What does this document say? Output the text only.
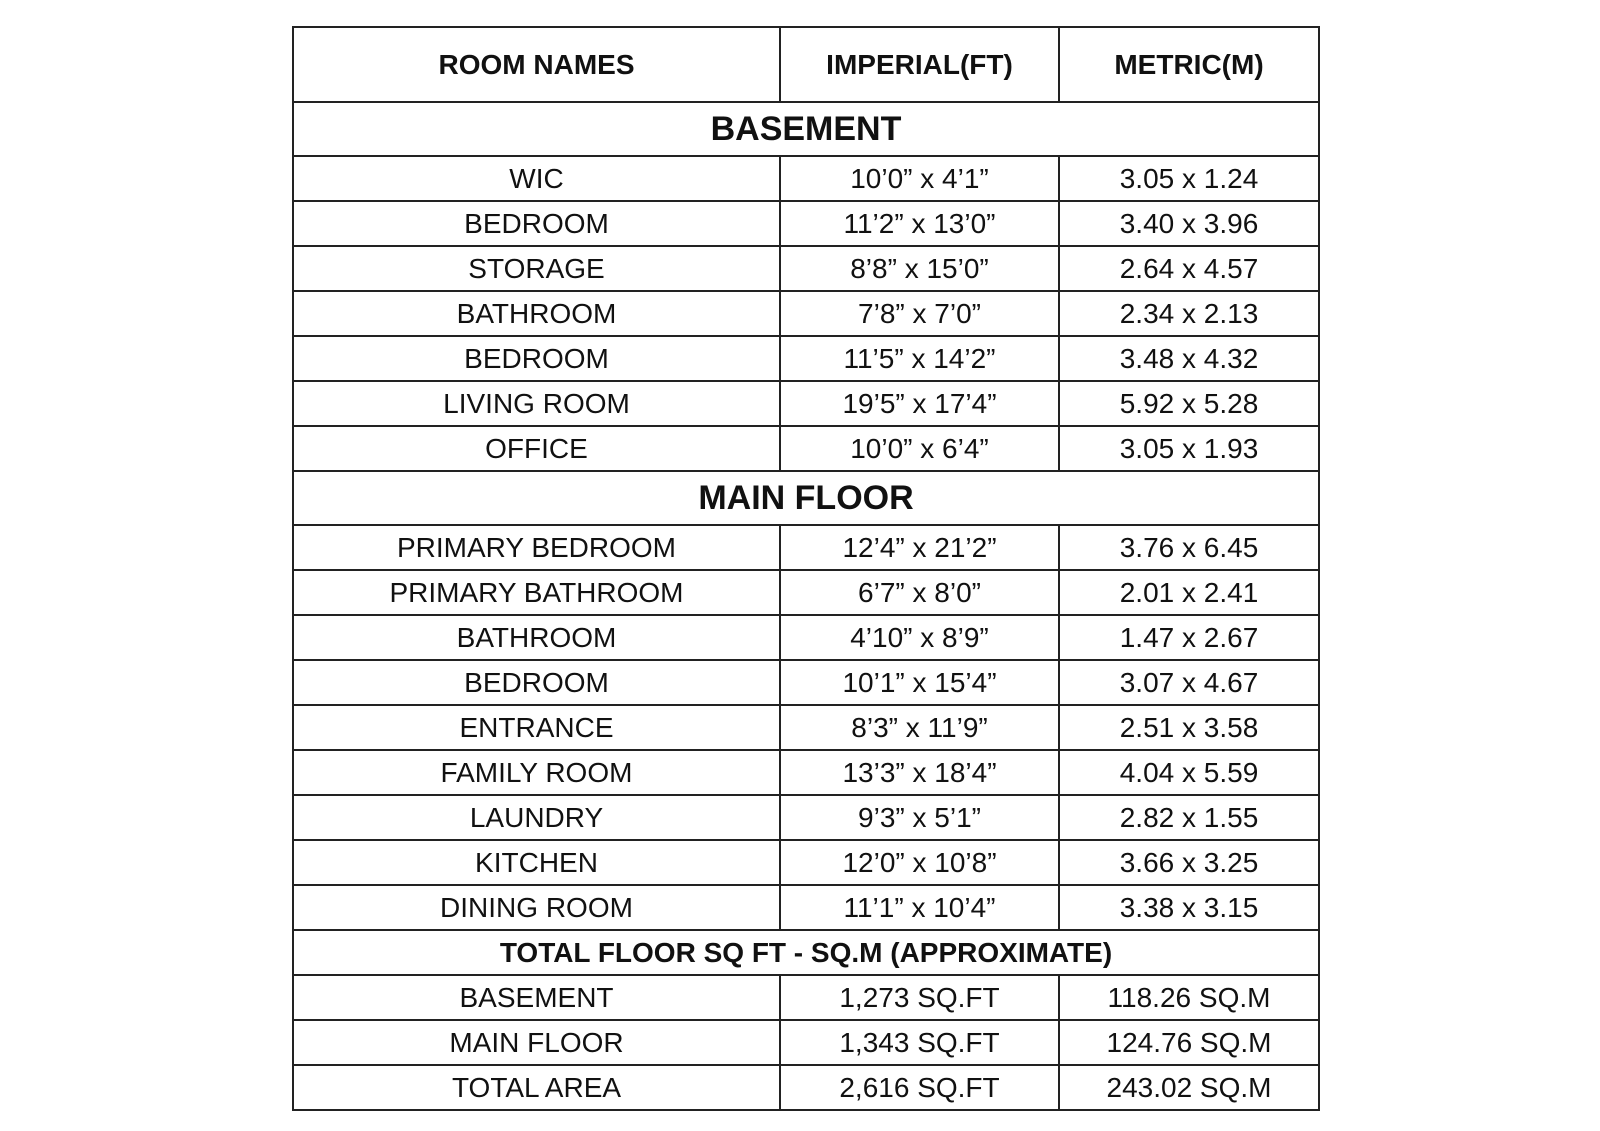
ROOM NAMES	IMPERIAL(FT)	METRIC(M)
BASEMENT		
WIC	10’0” x 4’1”	3.05 x 1.24
BEDROOM	11’2” x 13’0”	3.40 x 3.96
STORAGE	8’8” x 15’0”	2.64 x 4.57
BATHROOM	7’8” x 7’0”	2.34 x 2.13
BEDROOM	11’5” x 14’2”	3.48 x 4.32
LIVING ROOM	19’5” x 17’4”	5.92 x 5.28
OFFICE	10’0” x 6’4”	3.05 x 1.93
MAIN FLOOR		
PRIMARY BEDROOM	12’4” x 21’2”	3.76 x 6.45
PRIMARY BATHROOM	6’7” x 8’0”	2.01 x 2.41
BATHROOM	4’10” x 8’9”	1.47 x 2.67
BEDROOM	10’1” x 15’4”	3.07 x 4.67
ENTRANCE	8’3” x 11’9”	2.51 x 3.58
FAMILY ROOM	13’3” x 18’4”	4.04 x 5.59
LAUNDRY	9’3” x 5’1”	2.82 x 1.55
KITCHEN	12’0” x 10’8”	3.66 x 3.25
DINING ROOM	11’1” x 10’4”	3.38 x 3.15
TOTAL FLOOR SQ FT - SQ.M (APPROXIMATE)		
BASEMENT	1,273 SQ.FT	118.26 SQ.M
MAIN FLOOR	1,343 SQ.FT	124.76 SQ.M
TOTAL AREA	2,616 SQ.FT	243.02 SQ.M
